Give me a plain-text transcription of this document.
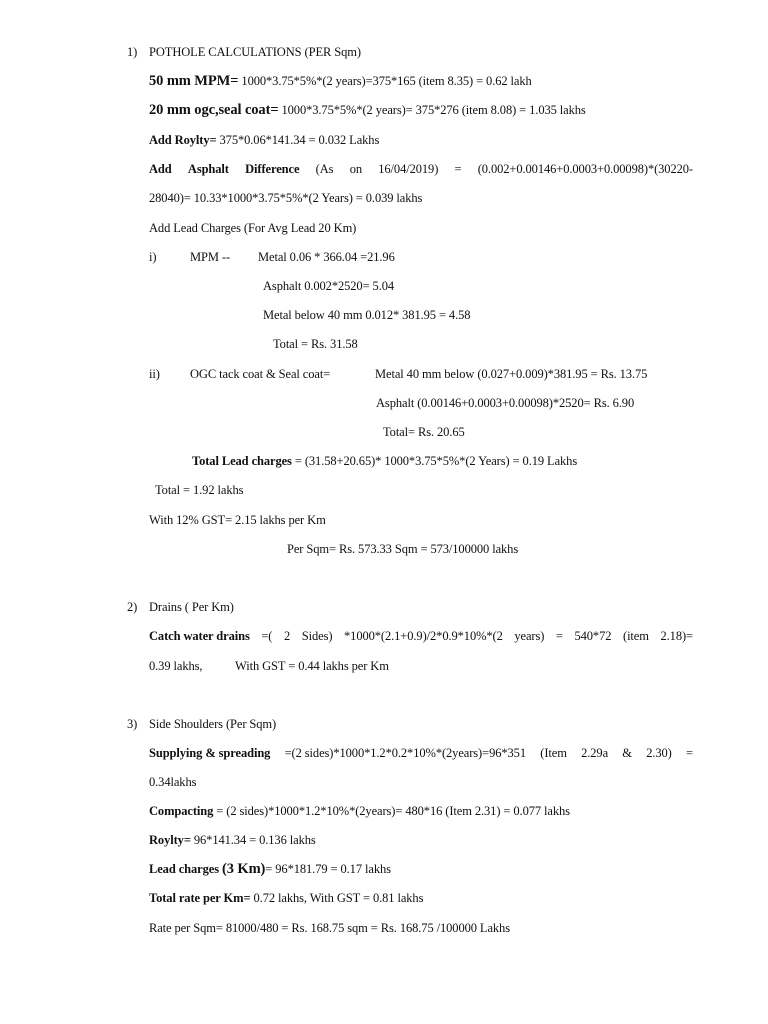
1) POTHOLE CALCULATIONS (PER Sqm)
50 mm MPM= 1000*3.75*5%*(2 years)=375*165 (item 8.35) = 0.62 lakh
20 mm ogc,seal coat= 1000*3.75*5%*(2 years)= 375*276 (item 8.08) = 1.035 lakhs
Add Roylty= 375*0.06*141.34 = 0.032 Lakhs
Add Asphalt Difference (As on 16/04/2019) = (0.002+0.00146+0.0003+0.00098)*(30220-
28040)= 10.33*1000*3.75*5%*(2 Years) = 0.039 lakhs
Add Lead Charges (For Avg Lead 20 Km)
i)	MPM -- Metal 0.06 * 366.04 =21.96
Asphalt 0.002*2520= 5.04
Metal below 40 mm 0.012* 381.95 = 4.58
Total = Rs. 31.58
ii) OGC tack coat & Seal coat=	Metal 40 mm below (0.027+0.009)*381.95 = Rs. 13.75
Asphalt (0.00146+0.0003+0.00098)*2520= Rs. 6.90
Total= Rs. 20.65
Total Lead charges = (31.58+20.65)* 1000*3.75*5%*(2 Years) = 0.19 Lakhs
Total = 1.92 lakhs
With 12% GST= 2.15 lakhs per Km
Per Sqm= Rs. 573.33 Sqm = 573/100000 lakhs
2) Drains ( Per Km)
Catch water drains =( 2 Sides) *1000*(2.1+0.9)/2*0.9*10%*(2 years) = 540*72 (item 2.18)=
0.39 lakhs,	With GST = 0.44 lakhs per Km
3) Side Shoulders (Per Sqm)
Supplying & spreading =(2 sides)*1000*1.2*0.2*10%*(2years)=96*351 (Item 2.29a & 2.30) =
0.34lakhs
Compacting = (2 sides)*1000*1.2*10%*(2years)= 480*16 (Item 2.31) = 0.077 lakhs
Roylty= 96*141.34 = 0.136 lakhs
Lead charges (3 Km)= 96*181.79 = 0.17 lakhs
Total rate per Km= 0.72 lakhs, With GST = 0.81 lakhs
Rate per Sqm= 81000/480 = Rs. 168.75 sqm = Rs. 168.75 /100000 Lakhs
